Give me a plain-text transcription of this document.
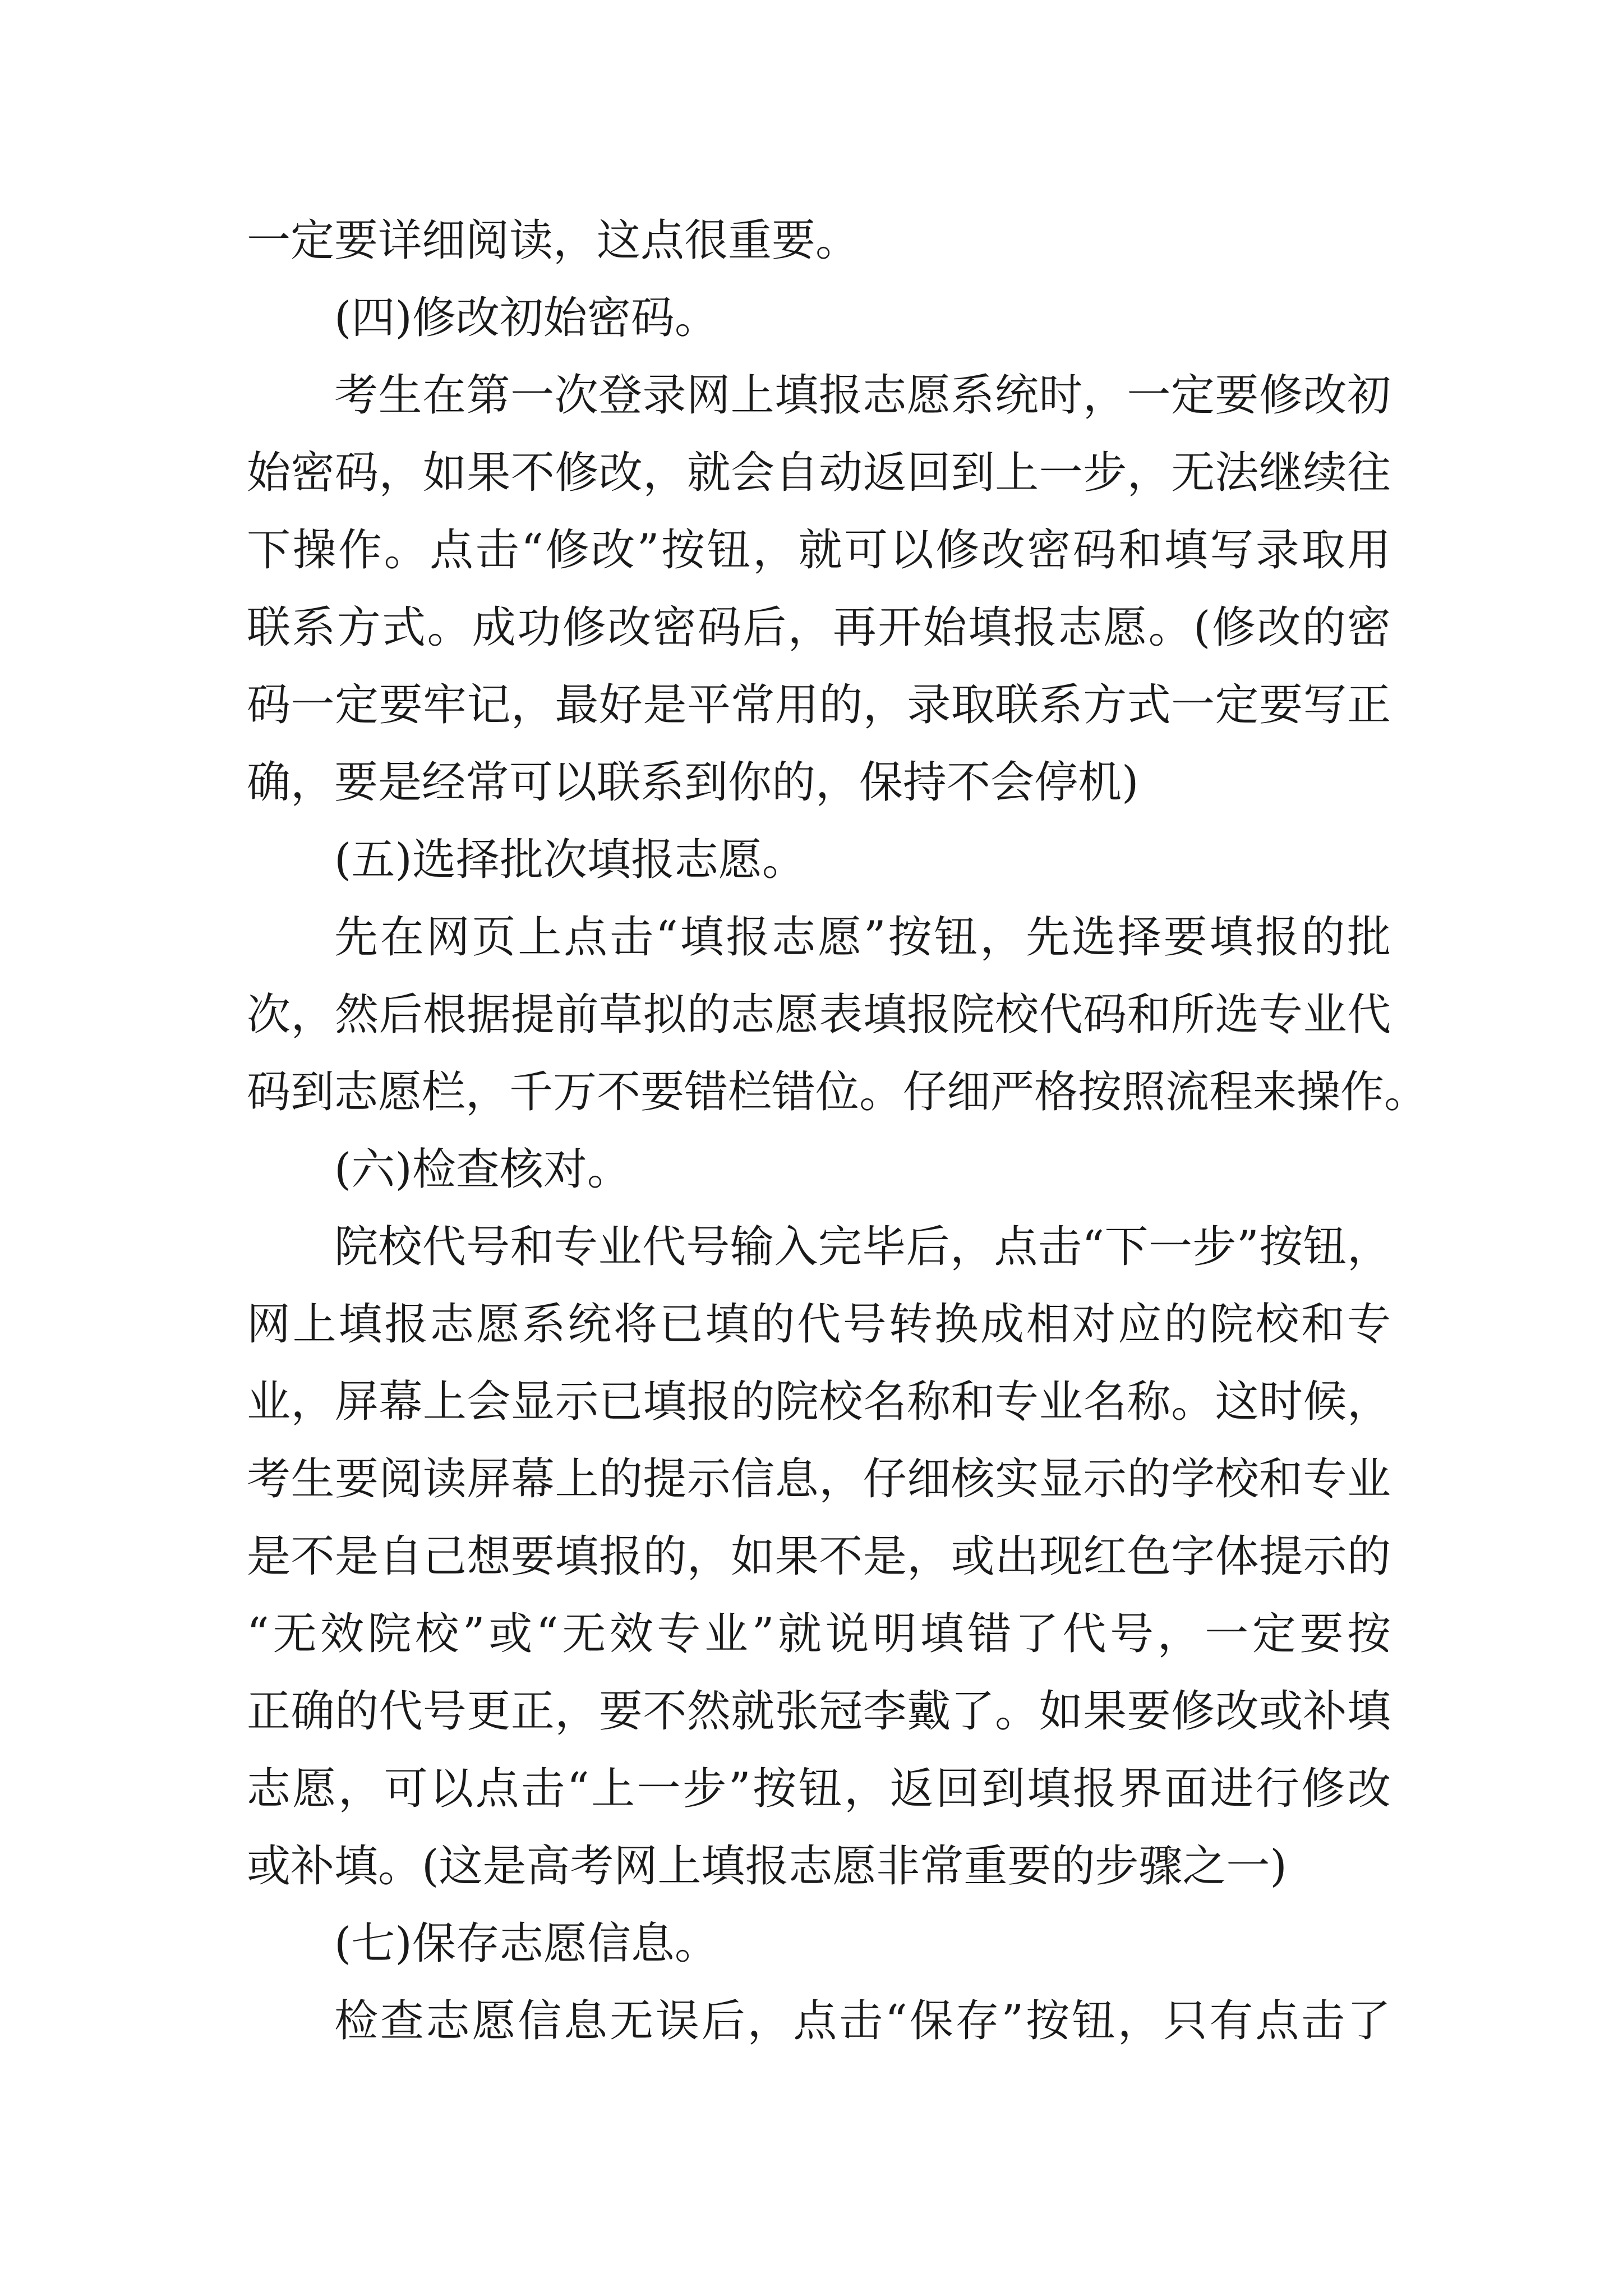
一定要详细阅读，这点很重要。
(四)修改初始密码。
考生在第一次登录网上填报志愿系统时，一定要修改初
始密码，如果不修改，就会自动返回到上一步，无法继续往
下操作。点击“修改”按钮，就可以修改密码和填写录取用
联系方式。成功修改密码后，再开始填报志愿。(修改的密
码一定要牢记，最好是平常用的，录取联系方式一定要写正
确，要是经常可以联系到你的，保持不会停机)
(五)选择批次填报志愿。
先在网页上点击“填报志愿”按钮，先选择要填报的批
次，然后根据提前草拟的志愿表填报院校代码和所选专业代
码到志愿栏，千万不要错栏错位。仔细严格按照流程来操作。
(六)检查核对。
院校代号和专业代号输入完毕后，点击“下一步”按钮，
网上填报志愿系统将已填的代号转换成相对应的院校和专
业，屏幕上会显示已填报的院校名称和专业名称。这时候，
考生要阅读屏幕上的提示信息，仔细核实显示的学校和专业
是不是自己想要填报的，如果不是，或出现红色字体提示的
“无效院校”或“无效专业”就说明填错了代号，一定要按
正确的代号更正，要不然就张冠李戴了。如果要修改或补填
志愿，可以点击“上一步”按钮，返回到填报界面进行修改
或补填。(这是高考网上填报志愿非常重要的步骤之一)
(七)保存志愿信息。
检查志愿信息无误后，点击“保存”按钮，只有点击了
